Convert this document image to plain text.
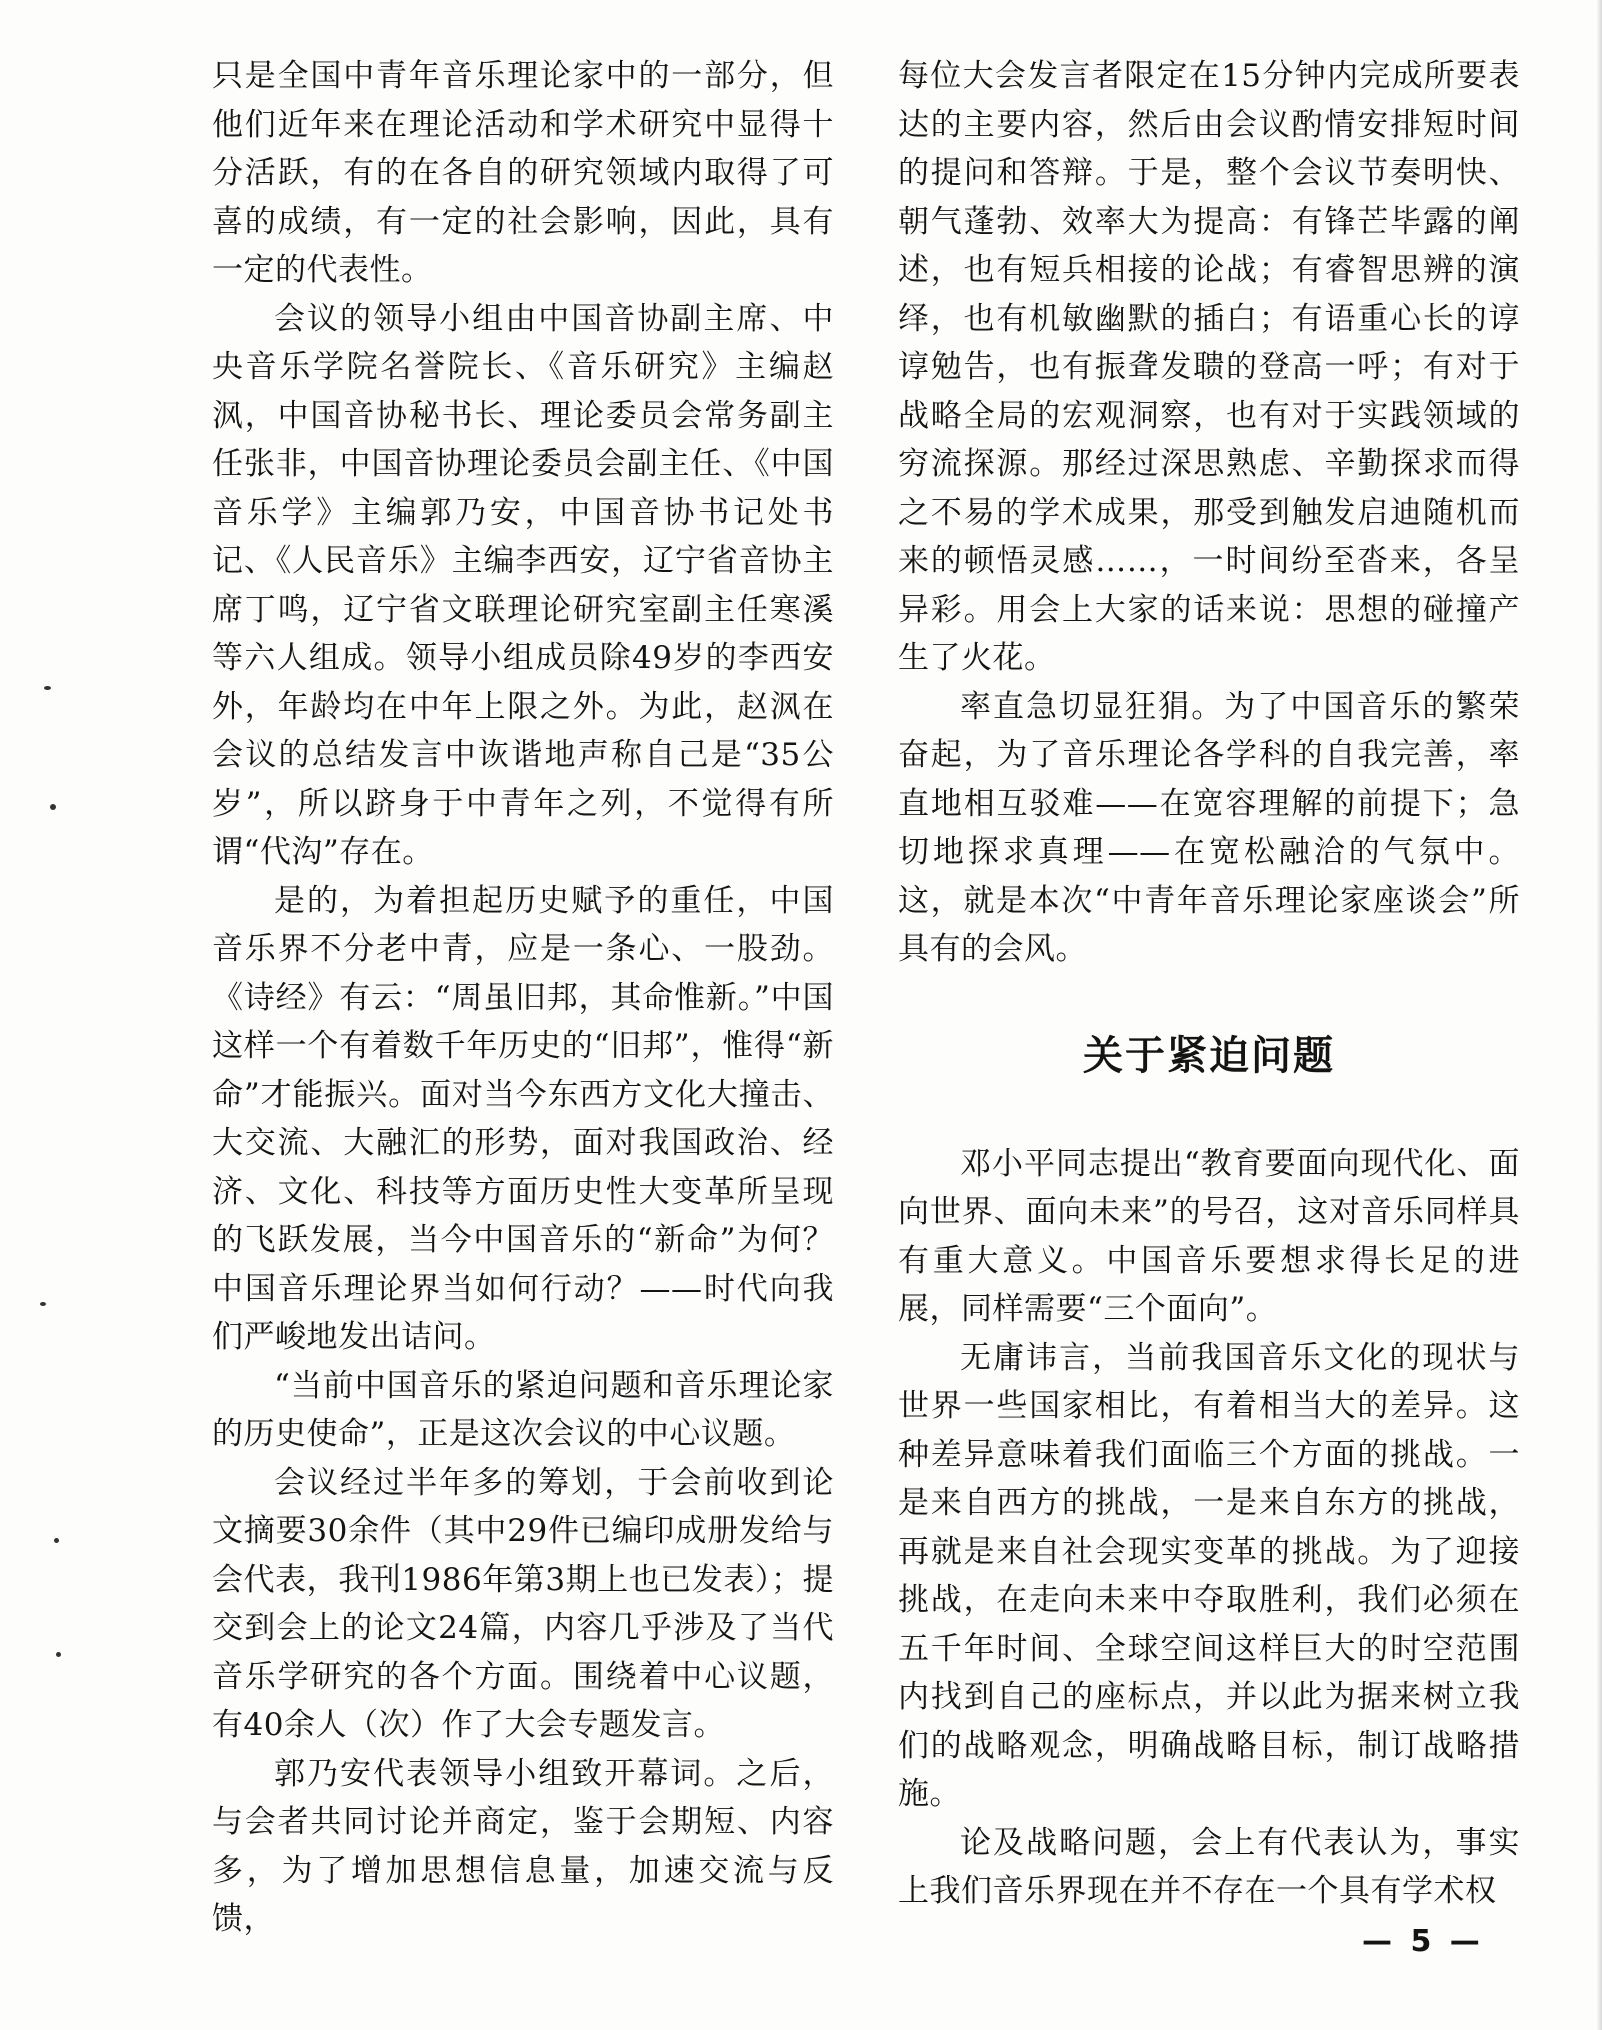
只是全国中青年音乐理论家中的一部分，但他们近年来在理论活动和学术研究中显得十分活跃，有的在各自的研究领域内取得了可喜的成绩，有一定的社会影响，因此，具有一定的代表性。

会议的领导小组由中国音协副主席、中央音乐学院名誉院长、《音乐研究》主编赵沨，中国音协秘书长、理论委员会常务副主任张非，中国音协理论委员会副主任、《中国音乐学》主编郭乃安，中国音协书记处书记、《人民音乐》主编李西安，辽宁省音协主席丁鸣，辽宁省文联理论研究室副主任寒溪等六人组成。领导小组成员除49岁的李西安外，年龄均在中年上限之外。为此，赵沨在会议的总结发言中诙谐地声称自己是“35公岁”，所以跻身于中青年之列，不觉得有所谓“代沟”存在。

是的，为着担起历史赋予的重任，中国音乐界不分老中青，应是一条心、一股劲。《诗经》有云：“周虽旧邦，其命惟新。”中国这样一个有着数千年历史的“旧邦”，惟得“新命”才能振兴。面对当今东西方文化大撞击、大交流、大融汇的形势，面对我国政治、经济、文化、科技等方面历史性大变革所呈现的飞跃发展，当今中国音乐的“新命”为何？中国音乐理论界当如何行动？——时代向我们严峻地发出诘问。

“当前中国音乐的紧迫问题和音乐理论家的历史使命”，正是这次会议的中心议题。

会议经过半年多的筹划，于会前收到论文摘要30余件（其中29件已编印成册发给与会代表，我刊1986年第3期上也已发表）；提交到会上的论文24篇，内容几乎涉及了当代音乐学研究的各个方面。围绕着中心议题，有40余人（次）作了大会专题发言。

郭乃安代表领导小组致开幕词。之后，与会者共同讨论并商定，鉴于会期短、内容多，为了增加思想信息量，加速交流与反馈，

每位大会发言者限定在15分钟内完成所要表达的主要内容，然后由会议酌情安排短时间的提问和答辩。于是，整个会议节奏明快、朝气蓬勃、效率大为提高：有锋芒毕露的阐述，也有短兵相接的论战；有睿智思辨的演绎，也有机敏幽默的插白；有语重心长的谆谆勉告，也有振聋发聩的登高一呼；有对于战略全局的宏观洞察，也有对于实践领域的穷流探源。那经过深思熟虑、辛勤探求而得之不易的学术成果，那受到触发启迪随机而来的顿悟灵感……，一时间纷至沓来，各呈异彩。用会上大家的话来说：思想的碰撞产生了火花。

率直急切显狂狷。为了中国音乐的繁荣奋起，为了音乐理论各学科的自我完善，率直地相互驳难——在宽容理解的前提下；急切地探求真理——在宽松融洽的气氛中。这，就是本次“中青年音乐理论家座谈会”所具有的会风。

关于紧迫问题

邓小平同志提出“教育要面向现代化、面向世界、面向未来”的号召，这对音乐同样具有重大意义。中国音乐要想求得长足的进展，同样需要“三个面向”。

无庸讳言，当前我国音乐文化的现状与世界一些国家相比，有着相当大的差异。这种差异意味着我们面临三个方面的挑战。一是来自西方的挑战，一是来自东方的挑战，再就是来自社会现实变革的挑战。为了迎接挑战，在走向未来中夺取胜利，我们必须在五千年时间、全球空间这样巨大的时空范围内找到自己的座标点，并以此为据来树立我们的战略观念，明确战略目标，制订战略措施。

论及战略问题，会上有代表认为，事实上我们音乐界现在并不存在一个具有学术权

— 5 —
